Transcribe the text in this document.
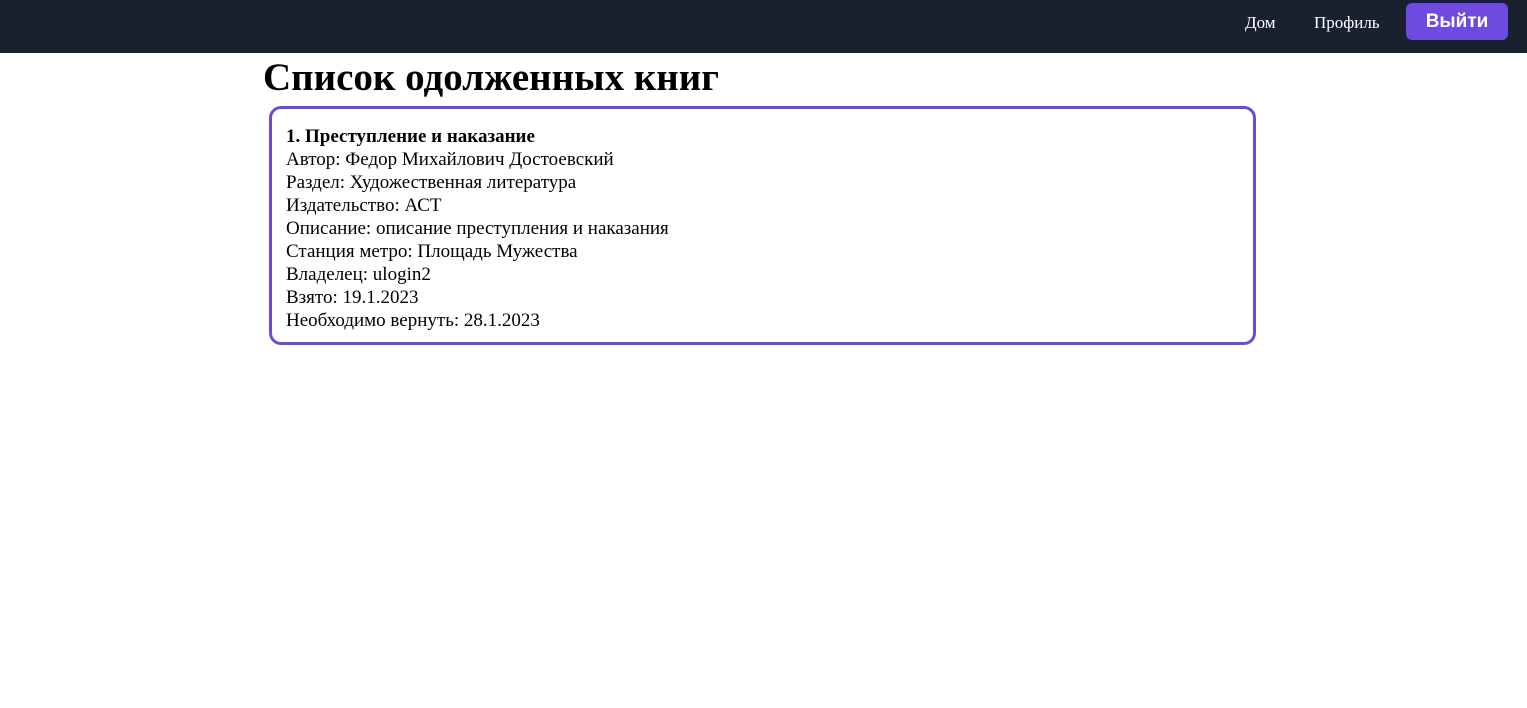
Дом Профиль	Выйти
Список одолженных книг
1. Преступление и наказание
Автор: Федор Михайлович Достоевский
Раздел: Художественная литература
Издательство: АСТ
Описание: описание преступления и наказания
Станция метро: Площадь Мужества
Владелец: ulogin2
Взято: 19.1.2023
Необходимо вернуть: 28.1.2023
